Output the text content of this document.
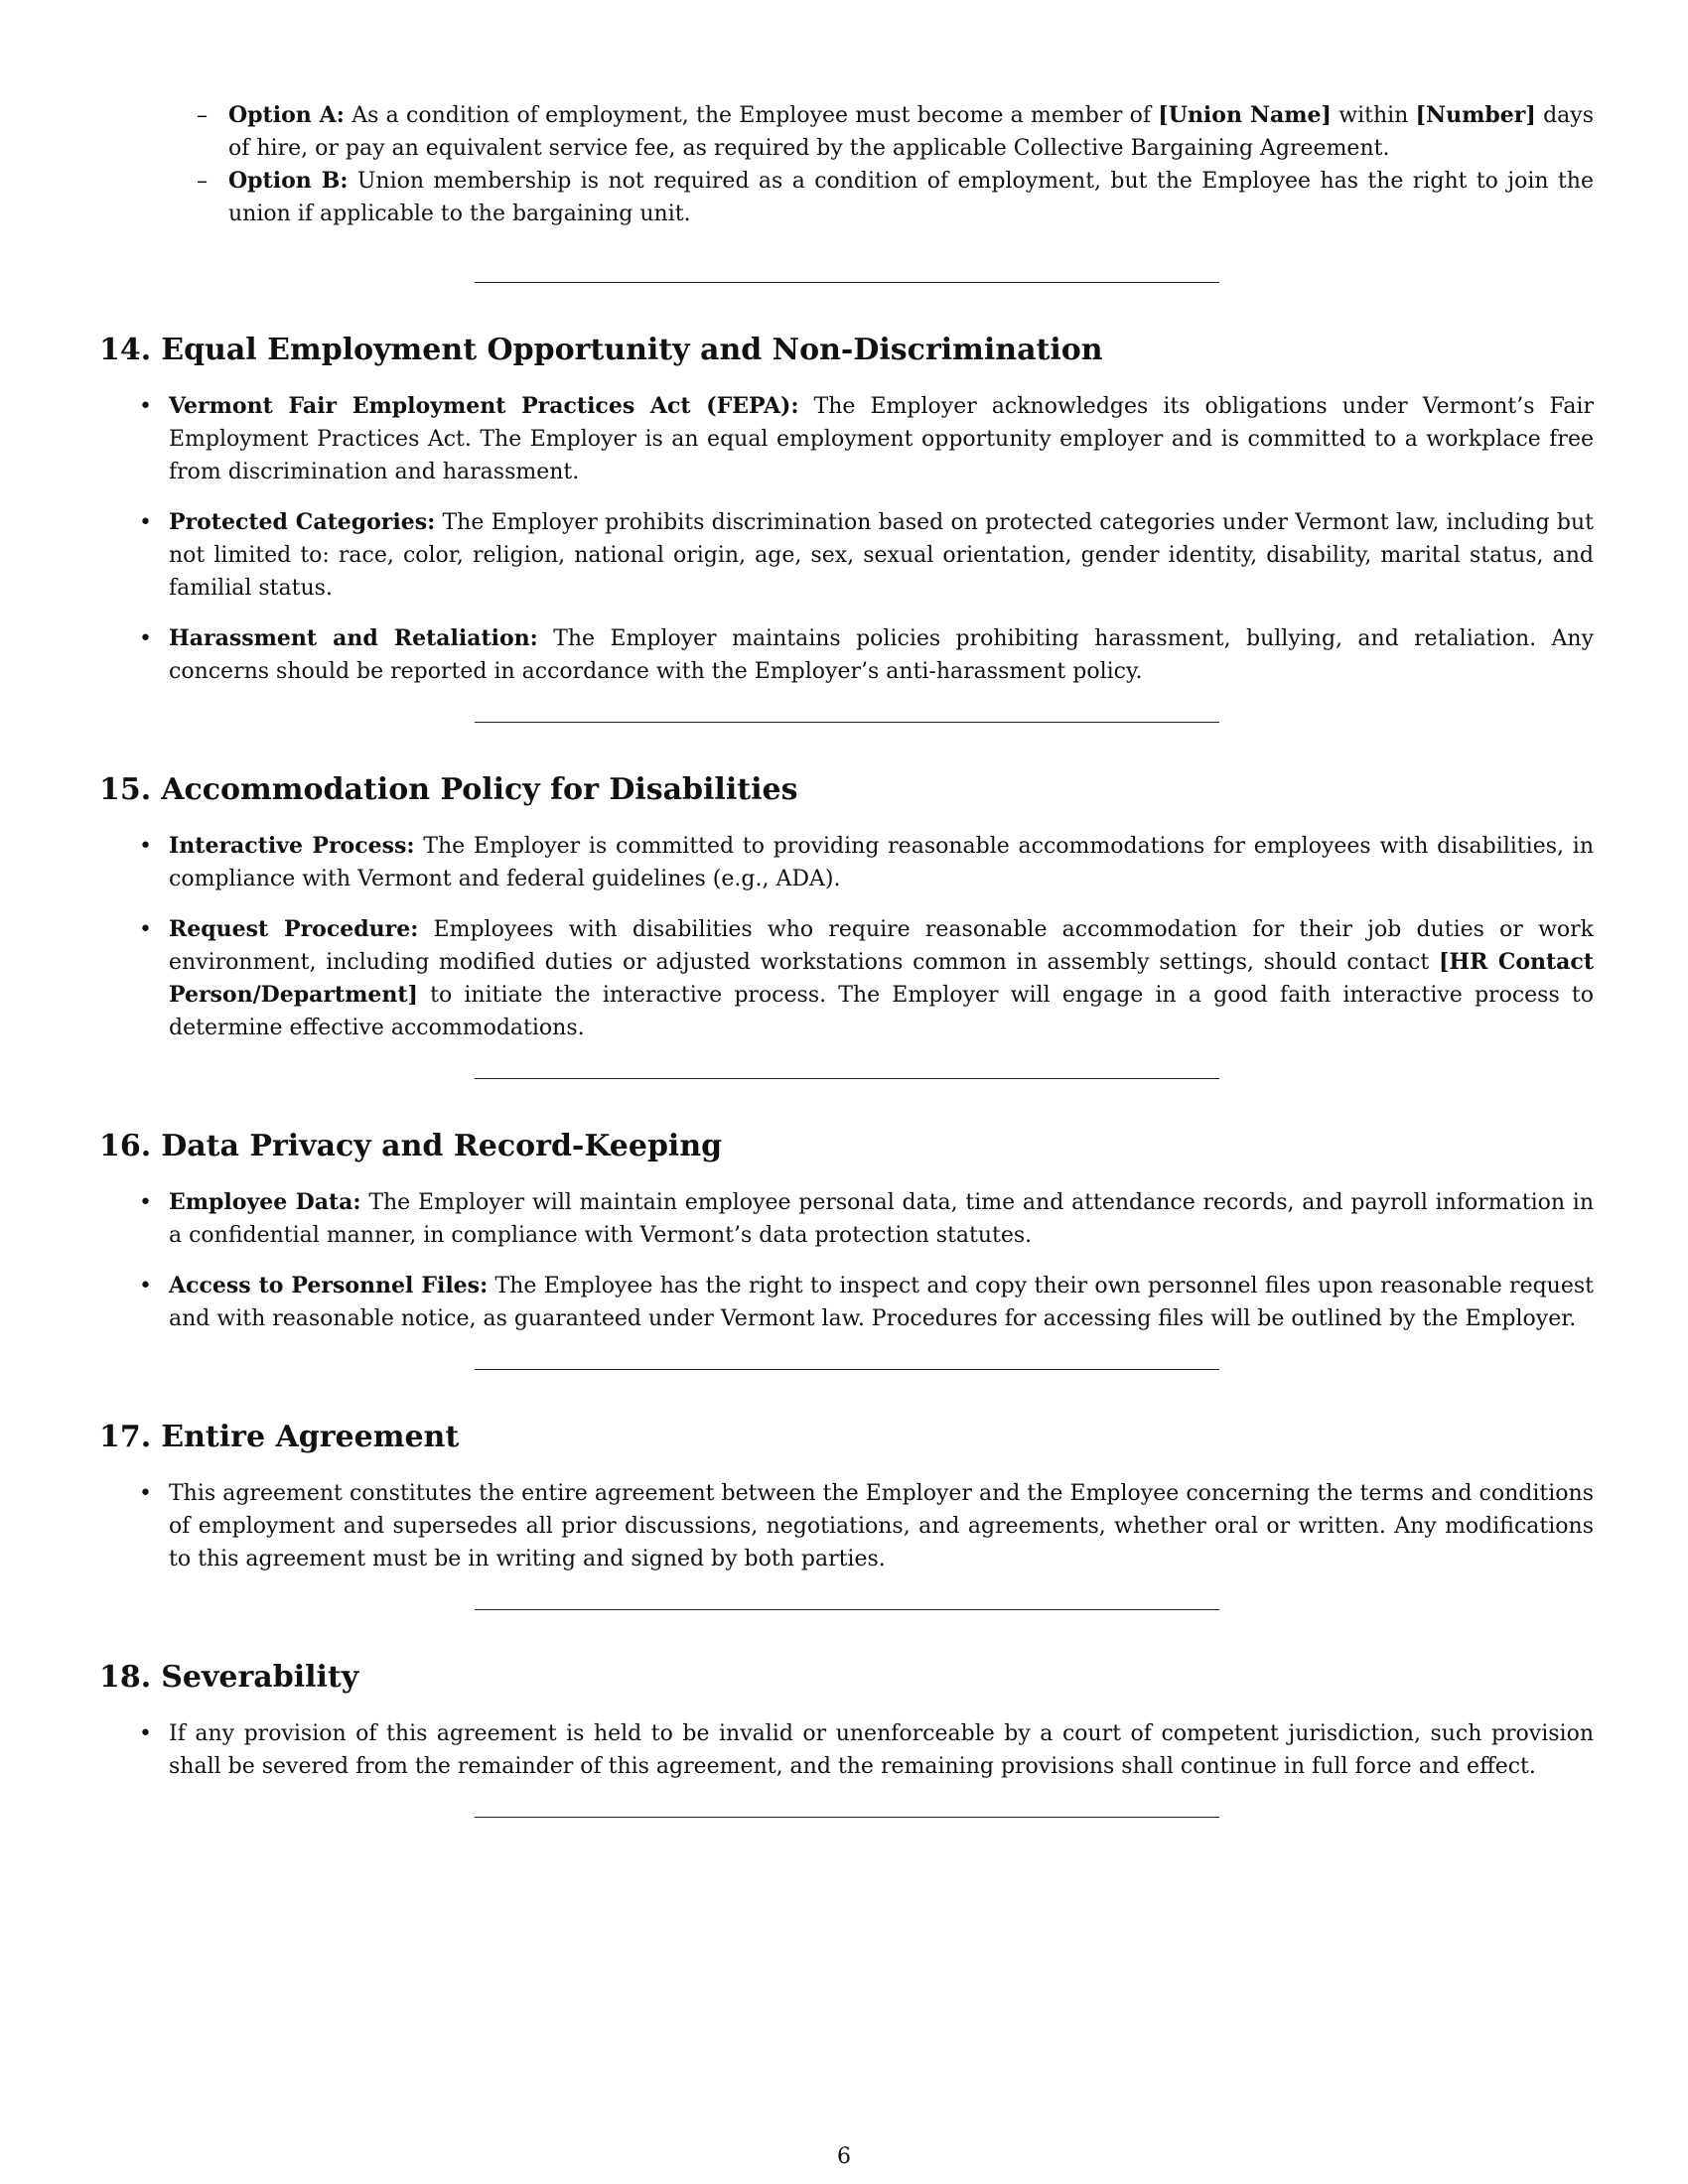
– Option A: As a condition of employment, the Employee must become a member of [Union Name] within [Number] days of hire, or pay an equivalent service fee, as required by the applicable Collective Bargaining Agreement.
– Option B: Union membership is not required as a condition of employment, but the Employee has the right to join the union if applicable to the bargaining unit.
14. Equal Employment Opportunity and Non-Discrimination
• Vermont Fair Employment Practices Act (FEPA): The Employer acknowledges its obligations under Vermont’s Fair Employment Practices Act. The Employer is an equal employment opportunity employer and is committed to a workplace free from discrimination and harassment.
• Protected Categories: The Employer prohibits discrimination based on protected categories under Vermont law, including but not limited to: race, color, religion, national origin, age, sex, sexual orientation, gender identity, disability, marital status, and familial status.
• Harassment and Retaliation: The Employer maintains policies prohibiting harassment, bullying, and retaliation. Any concerns should be reported in accordance with the Employer’s anti-harassment policy.
15. Accommodation Policy for Disabilities
• Interactive Process: The Employer is committed to providing reasonable accommodations for employees with disabilities, in compliance with Vermont and federal guidelines (e.g., ADA).
• Request Procedure: Employees with disabilities who require reasonable accommodation for their job duties or work environment, including modified duties or adjusted workstations common in assembly settings, should contact [HR Contact Person/Department] to initiate the interactive process. The Employer will engage in a good faith interactive process to determine effective accommodations.
16. Data Privacy and Record-Keeping
• Employee Data: The Employer will maintain employee personal data, time and attendance records, and payroll information in a confidential manner, in compliance with Vermont’s data protection statutes.
• Access to Personnel Files: The Employee has the right to inspect and copy their own personnel files upon reasonable request and with reasonable notice, as guaranteed under Vermont law. Procedures for accessing files will be outlined by the Employer.
17. Entire Agreement
• This agreement constitutes the entire agreement between the Employer and the Employee concerning the terms and conditions of employment and supersedes all prior discussions, negotiations, and agreements, whether oral or written. Any modifications to this agreement must be in writing and signed by both parties.
18. Severability
• If any provision of this agreement is held to be invalid or unenforceable by a court of competent jurisdiction, such provision shall be severed from the remainder of this agreement, and the remaining provisions shall continue in full force and effect.
6
